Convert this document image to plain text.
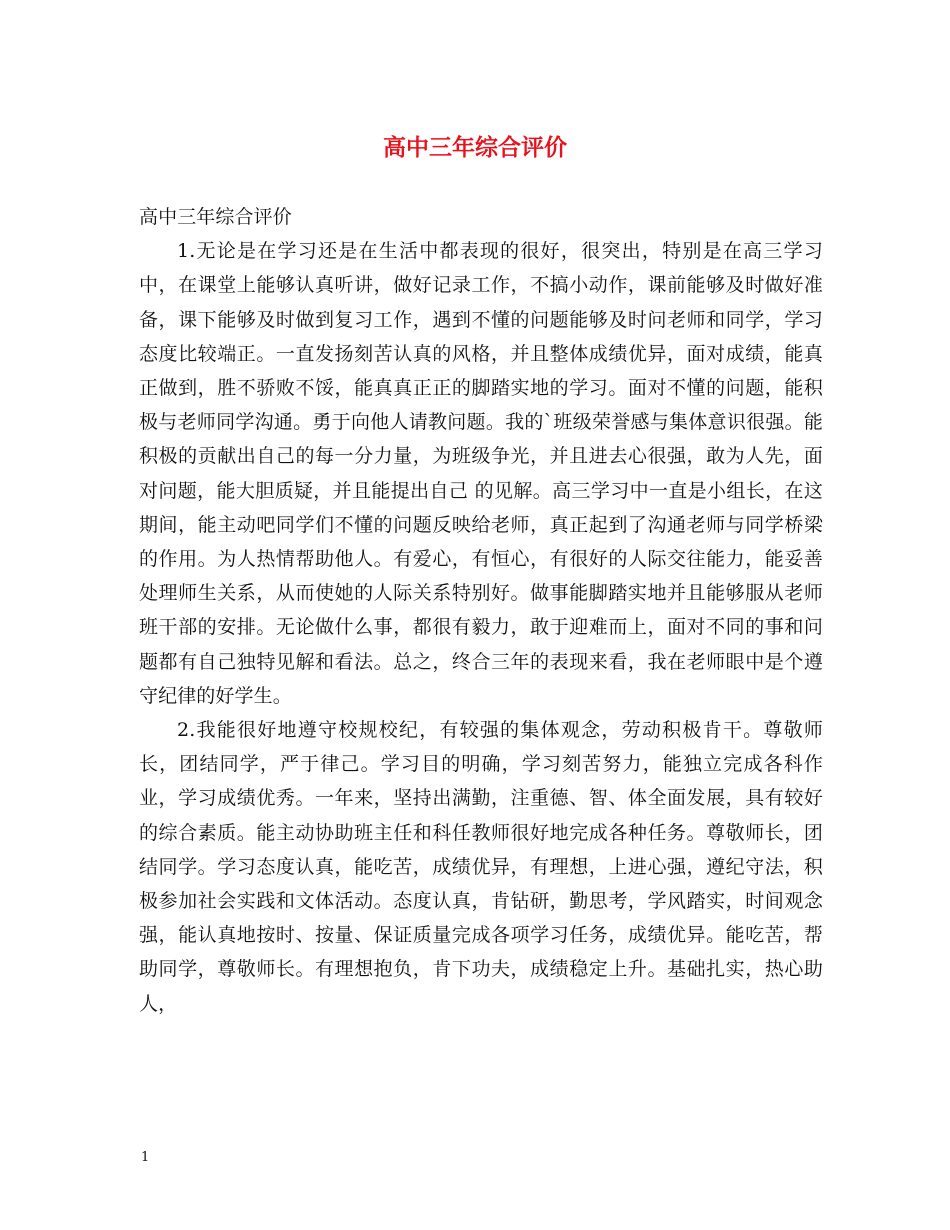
高中三年综合评价

高中三年综合评价

1.无论是在学习还是在生活中都表现的很好，很突出，特别是在高三学习中，在课堂上能够认真听讲，做好记录工作，不搞小动作，课前能够及时做好准备，课下能够及时做到复习工作，遇到不懂的问题能够及时问老师和同学，学习态度比较端正。一直发扬刻苦认真的风格，并且整体成绩优异，面对成绩，能真正做到，胜不骄败不馁，能真真正正的脚踏实地的学习。面对不懂的问题，能积极与老师同学沟通。勇于向他人请教问题。我的`班级荣誉感与集体意识很强。能积极的贡献出自己的每一分力量，为班级争光，并且进去心很强，敢为人先，面对问题，能大胆质疑，并且能提出自己 的见解。高三学习中一直是小组长，在这期间，能主动吧同学们不懂的问题反映给老师，真正起到了沟通老师与同学桥梁的作用。为人热情帮助他人。有爱心，有恒心，有很好的人际交往能力，能妥善处理师生关系，从而使她的人际关系特别好。做事能脚踏实地并且能够服从老师班干部的安排。无论做什么事，都很有毅力，敢于迎难而上，面对不同的事和问题都有自己独特见解和看法。总之，终合三年的表现来看，我在老师眼中是个遵守纪律的好学生。

2.我能很好地遵守校规校纪，有较强的集体观念，劳动积极肯干。尊敬师长，团结同学，严于律己。学习目的明确，学习刻苦努力，能独立完成各科作业，学习成绩优秀。一年来，坚持出满勤，注重德、智、体全面发展，具有较好的综合素质。能主动协助班主任和科任教师很好地完成各种任务。尊敬师长，团结同学。学习态度认真，能吃苦，成绩优异，有理想，上进心强，遵纪守法，积极参加社会实践和文体活动。态度认真，肯钻研，勤思考，学风踏实，时间观念强，能认真地按时、按量、保证质量完成各项学习任务，成绩优异。能吃苦，帮助同学，尊敬师长。有理想抱负，肯下功夫，成绩稳定上升。基础扎实，热心助人，

1
